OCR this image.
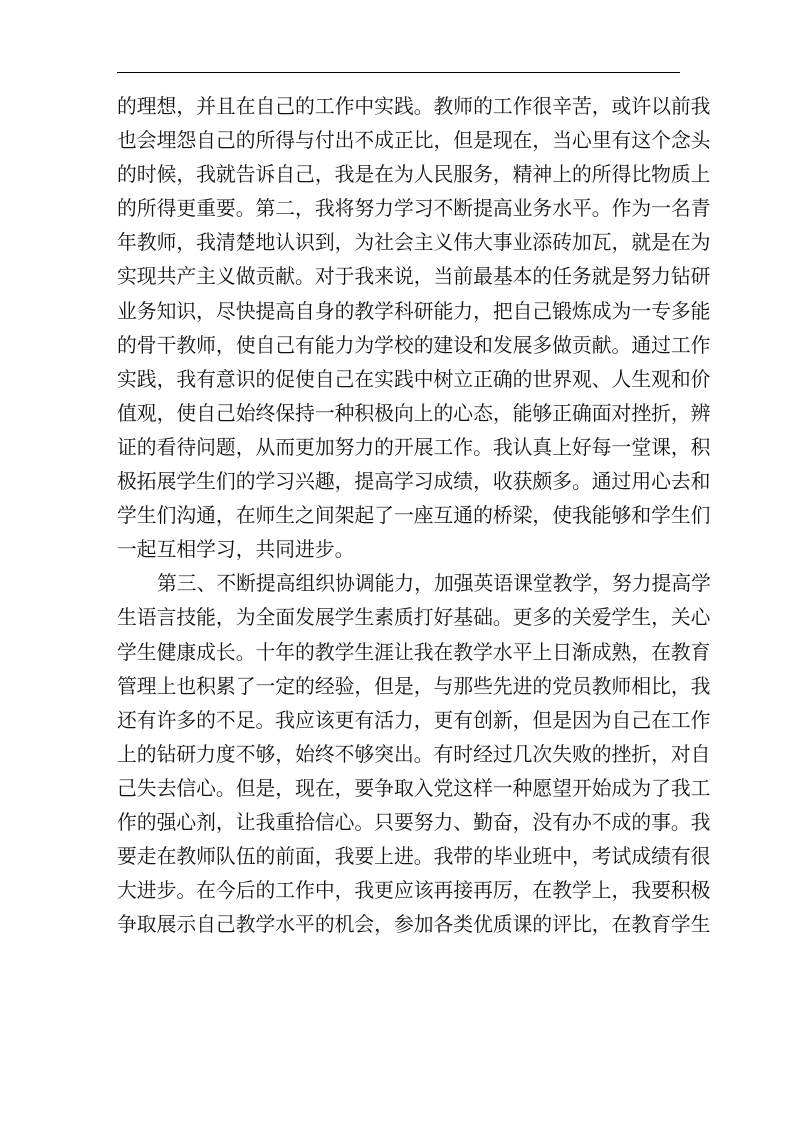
的理想，并且在自己的工作中实践。教师的工作很辛苦，或许以前我
也会埋怨自己的所得与付出不成正比，但是现在，当心里有这个念头
的时候，我就告诉自己，我是在为人民服务，精神上的所得比物质上
的所得更重要。第二，我将努力学习不断提高业务水平。作为一名青
年教师，我清楚地认识到，为社会主义伟大事业添砖加瓦，就是在为
实现共产主义做贡献。对于我来说，当前最基本的任务就是努力钻研
业务知识，尽快提高自身的教学科研能力，把自己锻炼成为一专多能
的骨干教师，使自己有能力为学校的建设和发展多做贡献。通过工作
实践，我有意识的促使自己在实践中树立正确的世界观、人生观和价
值观，使自己始终保持一种积极向上的心态，能够正确面对挫折，辨
证的看待问题，从而更加努力的开展工作。我认真上好每一堂课，积
极拓展学生们的学习兴趣，提高学习成绩，收获颇多。通过用心去和
学生们沟通，在师生之间架起了一座互通的桥梁，使我能够和学生们
一起互相学习，共同进步。

第三、不断提高组织协调能力，加强英语课堂教学，努力提高学
生语言技能，为全面发展学生素质打好基础。更多的关爱学生，关心
学生健康成长。十年的教学生涯让我在教学水平上日渐成熟，在教育
管理上也积累了一定的经验，但是，与那些先进的党员教师相比，我
还有许多的不足。我应该更有活力，更有创新，但是因为自己在工作
上的钻研力度不够，始终不够突出。有时经过几次失败的挫折，对自
己失去信心。但是，现在，要争取入党这样一种愿望开始成为了我工
作的强心剂，让我重拾信心。只要努力、勤奋，没有办不成的事。我
要走在教师队伍的前面，我要上进。我带的毕业班中，考试成绩有很
大进步。在今后的工作中，我更应该再接再厉，在教学上，我要积极
争取展示自己教学水平的机会，参加各类优质课的评比，在教育学生
